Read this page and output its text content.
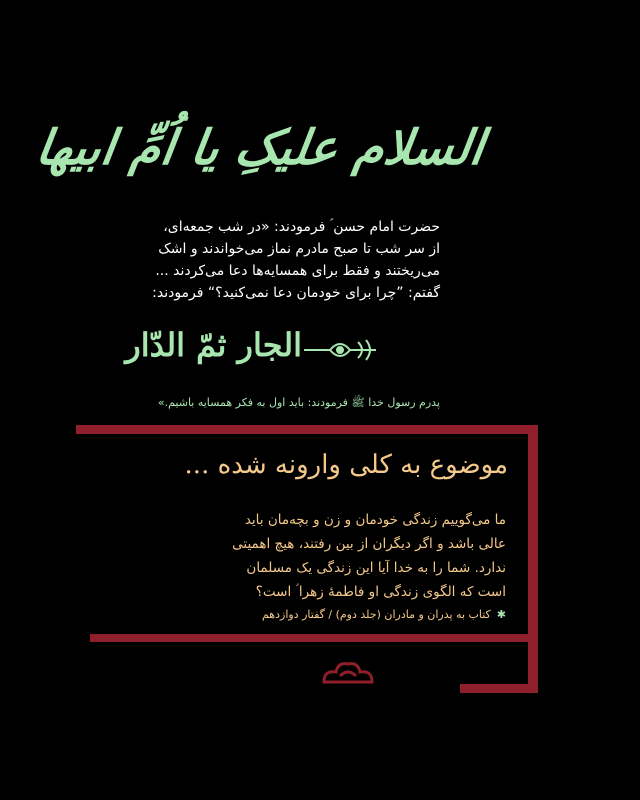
السلام علیکِ یا اُمِّ ابیها
حضرت امام حسن ؑ فرمودند: «در شب جمعه‌ای،
از سر شب تا صبح مادرم نماز می‌خواندند و اشک
می‌ریختند و فقط برای همسایه‌ها دعا می‌کردند ...
گفتم: ”چرا برای خودمان دعا نمی‌کنید؟“ فرمودند:
الجار ثمّ الدّار
پدرم رسول خدا ﷺ فرمودند: باید اول به فکر همسایه باشیم.»
موضوع به کلی وارونه شده ...
ما می‌گوییم زندگی خودمان و زن و بچه‌مان باید
عالی باشد و اگر دیگران از بین رفتند، هیچ اهمیتی
ندارد. شما را به خدا آیا این زندگی یک مسلمان
است که الگوی زندگی او فاطمهٔ زهرا ؑ است؟
✱کتاب به پدران و مادران (جلد دوم) / گفتار دوازدهم
